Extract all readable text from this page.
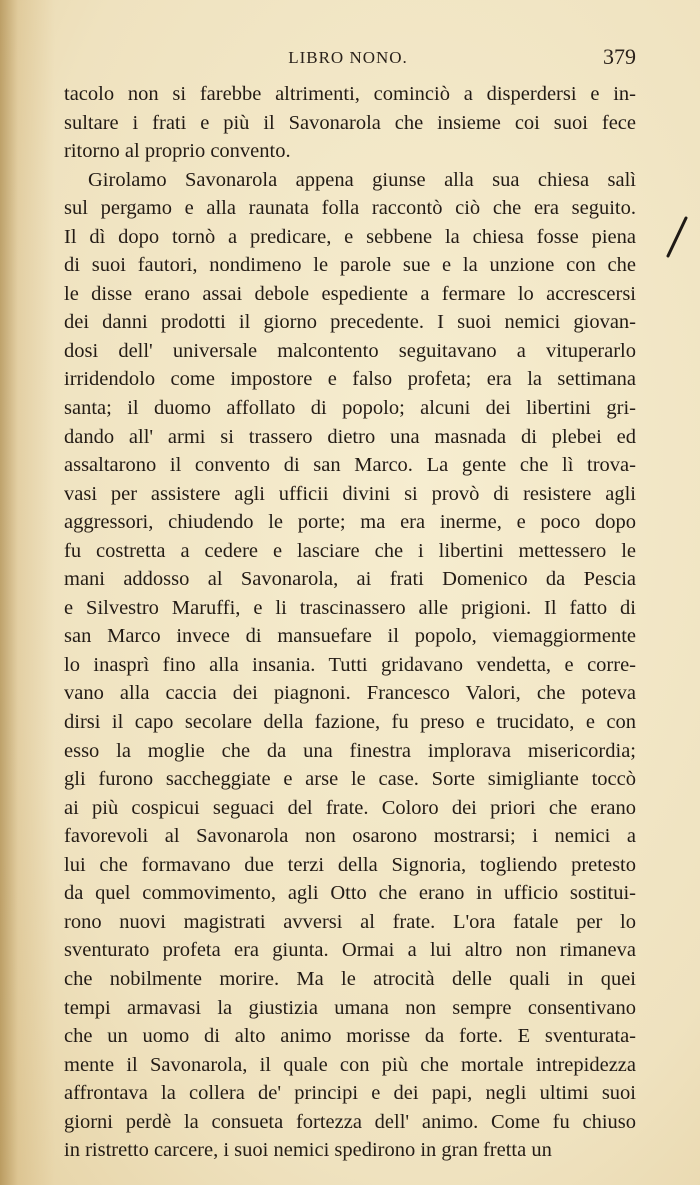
LIBRO NONO.	379
tacolo non si farebbe altrimenti, cominciò a disperdersi e in-
sultare i frati e più il Savonarola che insieme coi suoi fece
ritorno al proprio convento.
Girolamo Savonarola appena giunse alla sua chiesa salì
sul pergamo e alla raunata folla raccontò ciò che era seguito.
Il dì dopo tornò a predicare, e sebbene la chiesa fosse piena
di suoi fautori, nondimeno le parole sue e la unzione con che
le disse erano assai debole espediente a fermare lo accrescersi
dei danni prodotti il giorno precedente. I suoi nemici giovan-
dosi dell' universale malcontento seguitavano a vituperarlo
irridendolo come impostore e falso profeta; era la settimana
santa; il duomo affollato di popolo; alcuni dei libertini gri-
dando all' armi si trassero dietro una masnada di plebei ed
assaltarono il convento di san Marco. La gente che lì trova-
vasi per assistere agli ufficii divini si provò di resistere agli
aggressori, chiudendo le porte; ma era inerme, e poco dopo
fu costretta a cedere e lasciare che i libertini mettessero le
mani addosso al Savonarola, ai frati Domenico da Pescia
e Silvestro Maruffi, e li trascinassero alle prigioni. Il fatto di
san Marco invece di mansuefare il popolo, viemaggiormente
lo inasprì fino alla insania. Tutti gridavano vendetta, e corre-
vano alla caccia dei piagnoni. Francesco Valori, che poteva
dirsi il capo secolare della fazione, fu preso e trucidato, e con
esso la moglie che da una finestra implorava misericordia;
gli furono saccheggiate e arse le case. Sorte simigliante toccò
ai più cospicui seguaci del frate. Coloro dei priori che erano
favorevoli al Savonarola non osarono mostrarsi; i nemici a
lui che formavano due terzi della Signoria, togliendo pretesto
da quel commovimento, agli Otto che erano in ufficio sostitui-
rono nuovi magistrati avversi al frate. L'ora fatale per lo
sventurato profeta era giunta. Ormai a lui altro non rimaneva
che nobilmente morire. Ma le atrocità delle quali in quei
tempi armavasi la giustizia umana non sempre consentivano
che un uomo di alto animo morisse da forte. E sventurata-
mente il Savonarola, il quale con più che mortale intrepidezza
affrontava la collera de' principi e dei papi, negli ultimi suoi
giorni perdè la consueta fortezza dell' animo. Come fu chiuso
in ristretto carcere, i suoi nemici spedirono in gran fretta un
